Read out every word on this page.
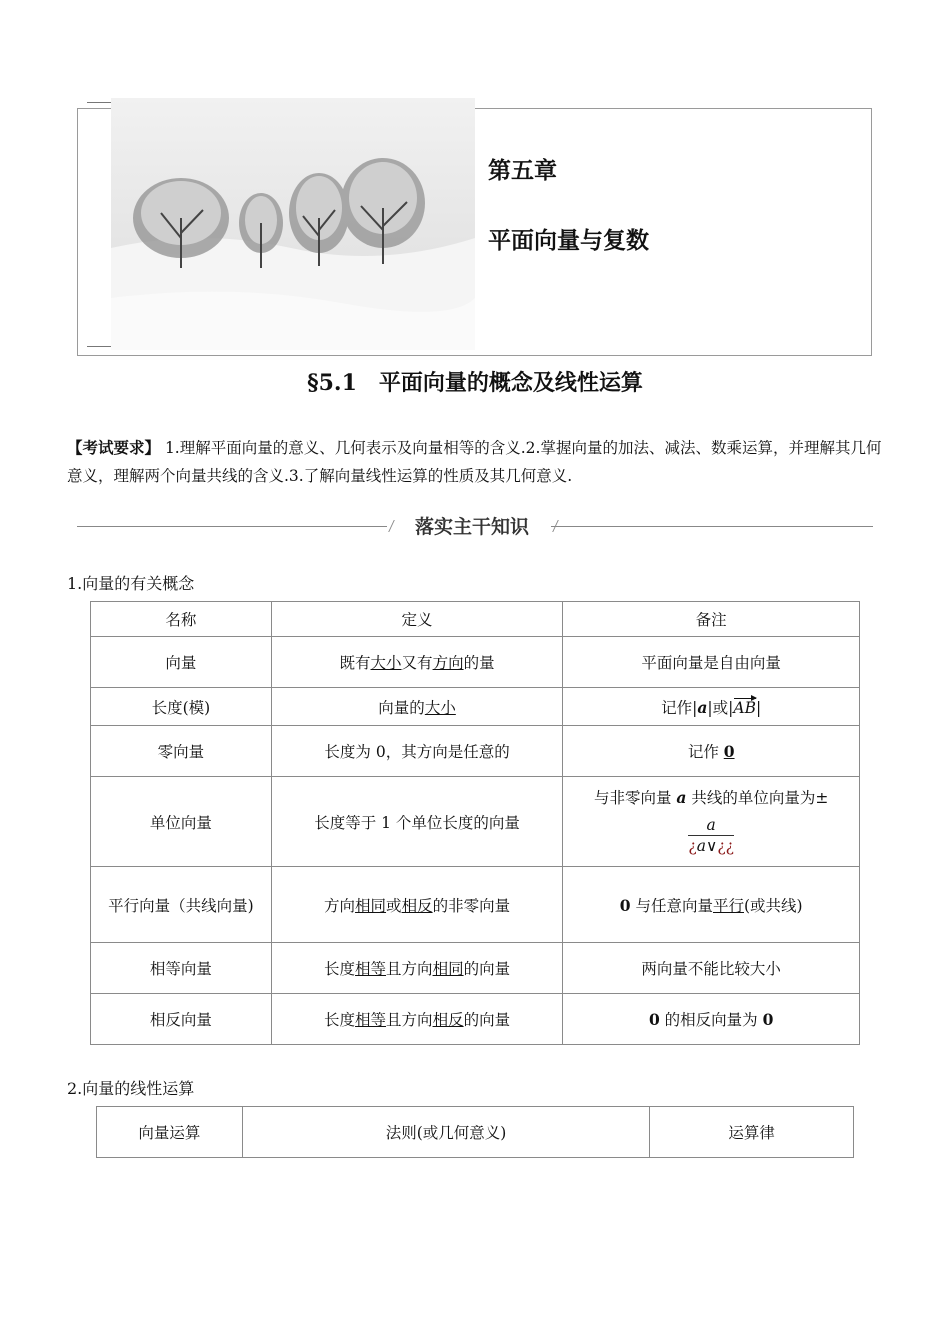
第五章
平面向量与复数
§5.1　平面向量的概念及线性运算
【考试要求】 1.理解平面向量的意义、几何表示及向量相等的含义.2.掌握向量的加法、减法、数乘运算，并理解其几何意义，理解两个向量共线的含义.3.了解向量线性运算的性质及其几何意义.
落实主干知识
1.向量的有关概念
名称	定义	备注
向量	既有大小又有方向的量	平面向量是自由向量
长度(模)	向量的大小	记作|a|或|AB|
零向量	长度为 0，其方向是任意的	记作 0
单位向量	长度等于 1 个单位长度的向量	与非零向量 a 共线的单位向量为±
$\frac{a}{¿a\vee¿¿}$

平行向量（共线向量)	方向相同或相反的非零向量	0 与任意向量平行(或共线)
相等向量	长度相等且方向相同的向量	两向量不能比较大小
相反向量	长度相等且方向相反的向量	0 的相反向量为 0
2.向量的线性运算
向量运算	法则(或几何意义)	运算律
